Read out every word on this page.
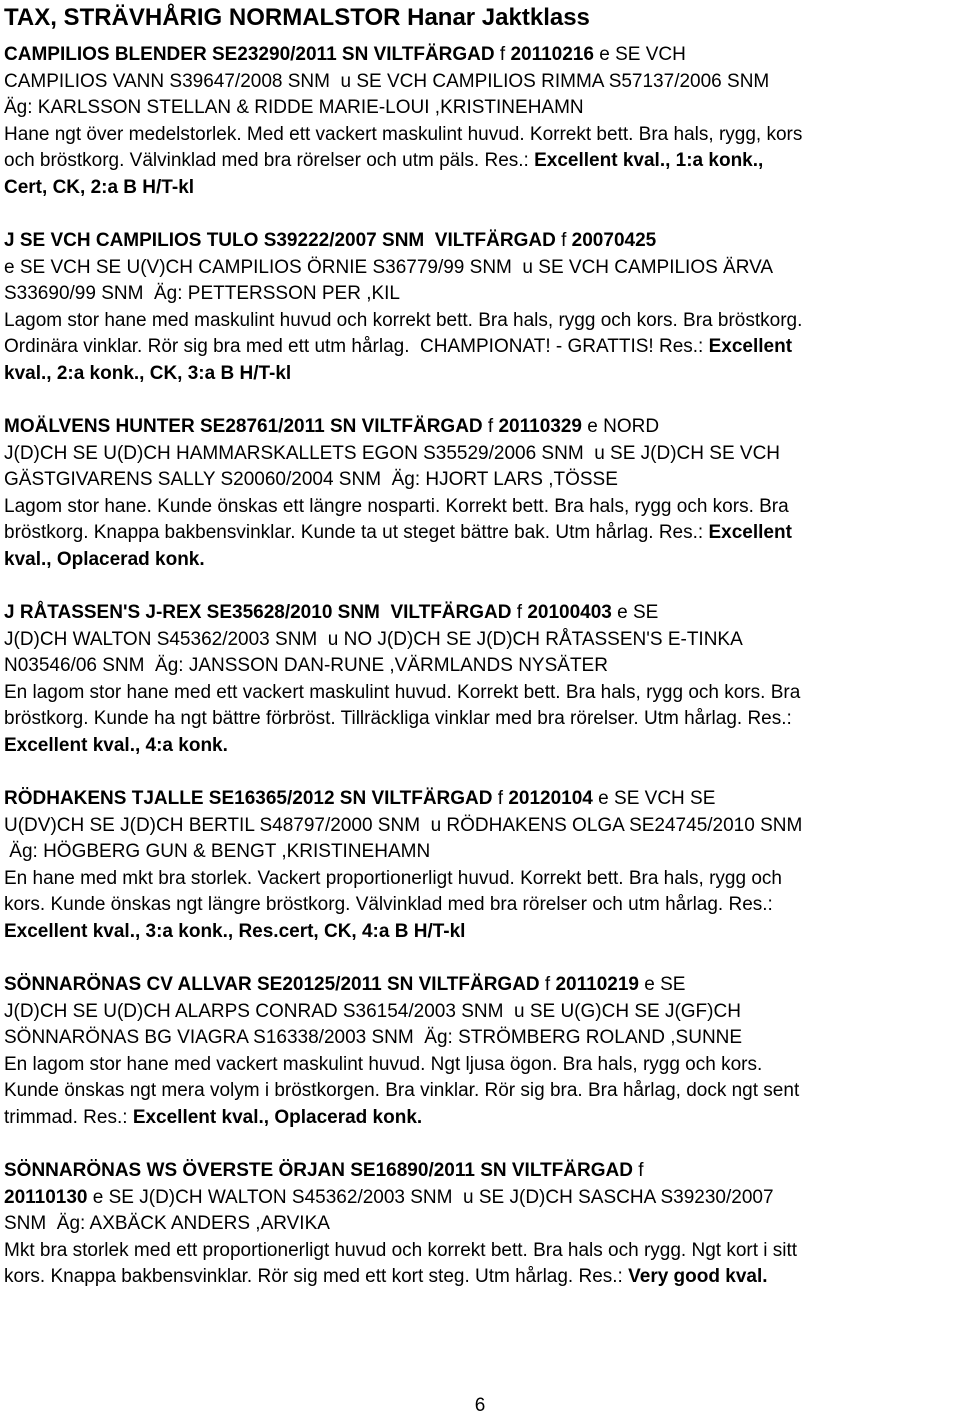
TAX, STRÄVHÅRIG NORMALSTOR Hanar Jaktklass
CAMPILIOS BLENDER SE23290/2011 SN VILTFÄRGAD f 20110216 e SE VCH
CAMPILIOS VANN S39647/2008 SNM  u SE VCH CAMPILIOS RIMMA S57137/2006 SNM
Äg: KARLSSON STELLAN & RIDDE MARIE-LOUI ,KRISTINEHAMN
Hane ngt över medelstorlek. Med ett vackert maskulint huvud. Korrekt bett. Bra hals, rygg, kors
och bröstkorg. Välvinklad med bra rörelser och utm päls. Res.: Excellent kval., 1:a konk.,
Cert, CK, 2:a B H/T-kl
J SE VCH CAMPILIOS TULO S39222/2007 SNM  VILTFÄRGAD f 20070425
e SE VCH SE U(V)CH CAMPILIOS ÖRNIE S36779/99 SNM  u SE VCH CAMPILIOS ÄRVA
S33690/99 SNM  Äg: PETTERSSON PER ,KIL
Lagom stor hane med maskulint huvud och korrekt bett. Bra hals, rygg och kors. Bra bröstkorg.
Ordinära vinklar. Rör sig bra med ett utm hårlag.  CHAMPIONAT! - GRATTIS! Res.: Excellent
kval., 2:a konk., CK, 3:a B H/T-kl
MOÄLVENS HUNTER SE28761/2011 SN VILTFÄRGAD f 20110329 e NORD
J(D)CH SE U(D)CH HAMMARSKALLETS EGON S35529/2006 SNM  u SE J(D)CH SE VCH
GÄSTGIVARENS SALLY S20060/2004 SNM  Äg: HJORT LARS ,TÖSSE
Lagom stor hane. Kunde önskas ett längre nosparti. Korrekt bett. Bra hals, rygg och kors. Bra
bröstkorg. Knappa bakbensvinklar. Kunde ta ut steget bättre bak. Utm hårlag. Res.: Excellent
kval., Oplacerad konk.
J RÅTASSEN'S J-REX SE35628/2010 SNM  VILTFÄRGAD f 20100403 e SE
J(D)CH WALTON S45362/2003 SNM  u NO J(D)CH SE J(D)CH RÅTASSEN'S E-TINKA
N03546/06 SNM  Äg: JANSSON DAN-RUNE ,VÄRMLANDS NYSÄTER
En lagom stor hane med ett vackert maskulint huvud. Korrekt bett. Bra hals, rygg och kors. Bra
bröstkorg. Kunde ha ngt bättre förbröst. Tillräckliga vinklar med bra rörelser. Utm hårlag. Res.:
Excellent kval., 4:a konk.
RÖDHAKENS TJALLE SE16365/2012 SN VILTFÄRGAD f 20120104 e SE VCH SE
U(DV)CH SE J(D)CH BERTIL S48797/2000 SNM  u RÖDHAKENS OLGA SE24745/2010 SNM
Äg: HÖGBERG GUN & BENGT ,KRISTINEHAMN
En hane med mkt bra storlek. Vackert proportionerligt huvud. Korrekt bett. Bra hals, rygg och
kors. Kunde önskas ngt längre bröstkorg. Välvinklad med bra rörelser och utm hårlag. Res.:
Excellent kval., 3:a konk., Res.cert, CK, 4:a B H/T-kl
SÖNNARÖNAS CV ALLVAR SE20125/2011 SN VILTFÄRGAD f 20110219 e SE
J(D)CH SE U(D)CH ALARPS CONRAD S36154/2003 SNM  u SE U(G)CH SE J(GF)CH
SÖNNARÖNAS BG VIAGRA S16338/2003 SNM  Äg: STRÖMBERG ROLAND ,SUNNE
En lagom stor hane med vackert maskulint huvud. Ngt ljusa ögon. Bra hals, rygg och kors.
Kunde önskas ngt mera volym i bröstkorgen. Bra vinklar. Rör sig bra. Bra hårlag, dock ngt sent
trimmad. Res.: Excellent kval., Oplacerad konk.
SÖNNARÖNAS WS ÖVERSTE ÖRJAN SE16890/2011 SN VILTFÄRGAD f
20110130 e SE J(D)CH WALTON S45362/2003 SNM  u SE J(D)CH SASCHA S39230/2007
SNM  Äg: AXBÄCK ANDERS ,ARVIKA
Mkt bra storlek med ett proportionerligt huvud och korrekt bett. Bra hals och rygg. Ngt kort i sitt
kors. Knappa bakbensvinklar. Rör sig med ett kort steg. Utm hårlag. Res.: Very good kval.
6
